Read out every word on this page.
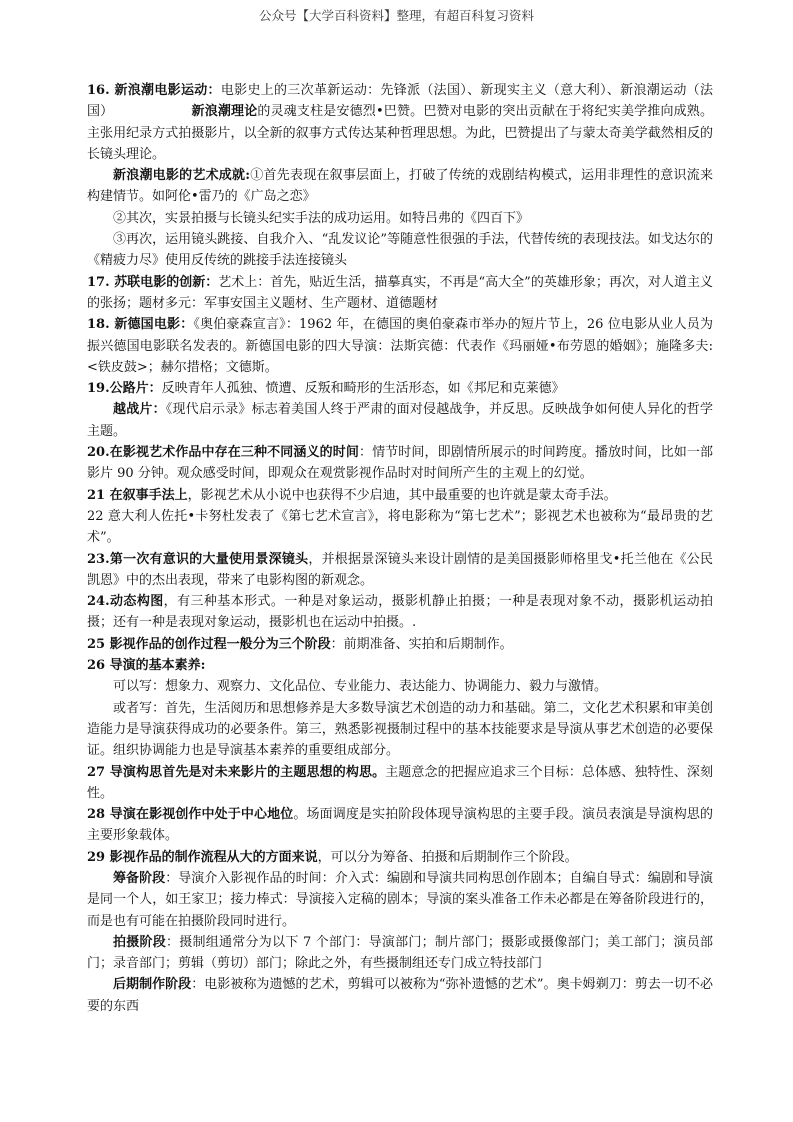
公众号【大学百科资料】整理，有超百科复习资料

16. 新浪潮电影运动：电影史上的三次革新运动：先锋派（法国）、新现实主义（意大利）、新浪潮运动（法国）	新浪潮理论的灵魂支柱是安德烈•巴赞。巴赞对电影的突出贡献在于将纪实美学推向成熟。主张用纪录方式拍摄影片，以全新的叙事方式传达某种哲理思想。为此，巴赞提出了与蒙太奇美学截然相反的长镜头理论。

新浪潮电影的艺术成就:①首先表现在叙事层面上，打破了传统的戏剧结构模式，运用非理性的意识流来构建情节。如阿伦•雷乃的《广岛之恋》

②其次，实景拍摄与长镜头纪实手法的成功运用。如特吕弗的《四百下》

③再次，运用镜头跳接、自我介入、“乱发议论”等随意性很强的手法，代替传统的表现技法。如戈达尔的《精疲力尽》使用反传统的跳接手法连接镜头

17. 苏联电影的创新：艺术上：首先，贴近生活，描摹真实，不再是“高大全”的英雄形象；再次，对人道主义的张扬；题材多元：军事安国主义题材、生产题材、道德题材

18. 新德国电影：《奥伯豪森宣言》：1962 年，在德国的奥伯豪森市举办的短片节上，26 位电影从业人员为振兴德国电影联名发表的。新德国电影的四大导演：法斯宾德：代表作《玛丽娅•布劳恩的婚姻》；施隆多夫:<铁皮鼓>；赫尔措格；文德斯。

19.公路片：反映青年人孤独、愤遭、反叛和畸形的生活形态，如《邦尼和克莱德》

越战片：《现代启示录》标志着美国人终于严肃的面对侵越战争，并反思。反映战争如何使人异化的哲学主题。

20.在影视艺术作品中存在三种不同涵义的时间：情节时间，即剧情所展示的时间跨度。播放时间，比如一部影片 90 分钟。观众感受时间，即观众在观赏影视作品时对时间所产生的主观上的幻觉。

21 在叙事手法上，影视艺术从小说中也获得不少启迪，其中最重要的也许就是蒙太奇手法。

22 意大利人佐托•卡努杜发表了《第七艺术宣言》，将电影称为“第七艺术”；影视艺术也被称为“最昂贵的艺术”。

23.第一次有意识的大量使用景深镜头，并根据景深镜头来设计剧情的是美国摄影师格里戈•托兰他在《公民凯恩》中的杰出表现，带来了电影构图的新观念。

24.动态构图，有三种基本形式。一种是对象运动，摄影机静止拍摄；一种是表现对象不动，摄影机运动拍摄；还有一种是表现对象运动，摄影机也在运动中拍摄。.

25 影视作品的创作过程一般分为三个阶段：前期准备、实拍和后期制作。

26 导演的基本素养:

可以写：想象力、观察力、文化品位、专业能力、表达能力、协调能力、毅力与激情。

或者写：首先，生活阅历和思想修养是大多数导演艺术创造的动力和基础。第二，文化艺术积累和审美创造能力是导演获得成功的必要条件。第三，熟悉影视摄制过程中的基本技能要求是导演从事艺术创造的必要保证。组织协调能力也是导演基本素养的重要组成部分。

27 导演构思首先是对未来影片的主题思想的构思。主题意念的把握应追求三个目标：总体感、独特性、深刻性。

28 导演在影视创作中处于中心地位。场面调度是实拍阶段体现导演构思的主要手段。演员表演是导演构思的主要形象载体。

29 影视作品的制作流程从大的方面来说，可以分为筹备、拍摄和后期制作三个阶段。

筹备阶段：导演介入影视作品的时间：介入式：编剧和导演共同构思创作剧本；自编自导式：编剧和导演是同一个人，如王家卫；接力棒式：导演接入定稿的剧本；导演的案头准备工作未必都是在筹备阶段进行的，而是也有可能在拍摄阶段同时进行。

拍摄阶段：摄制组通常分为以下 7 个部门：导演部门；制片部门；摄影或摄像部门；美工部门；演员部门；录音部门；剪辑（剪切）部门；除此之外，有些摄制组还专门成立特技部门

后期制作阶段：电影被称为遗憾的艺术，剪辑可以被称为“弥补遗憾的艺术”。奥卡姆剃刀：剪去一切不必要的东西
